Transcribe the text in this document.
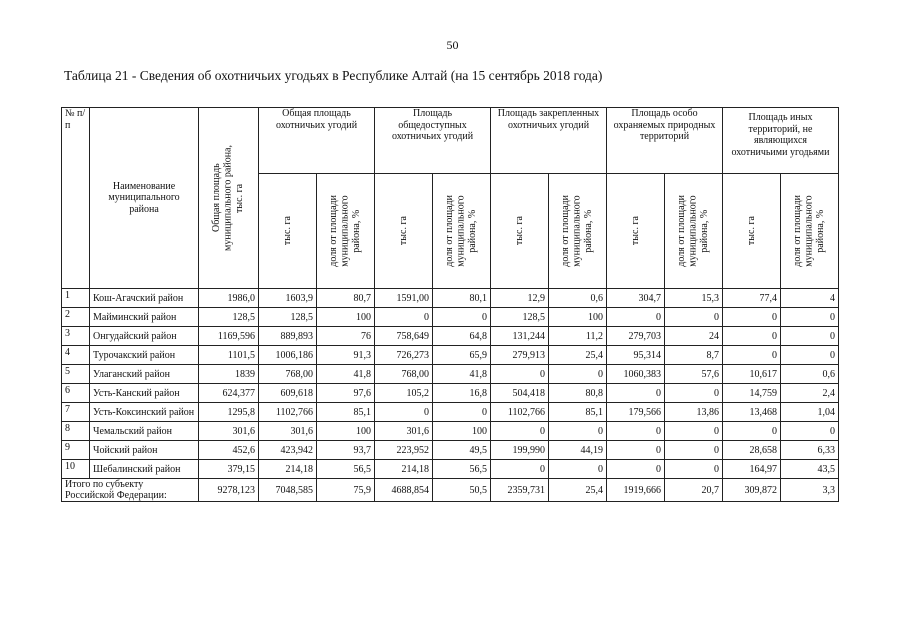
50
Таблица 21 - Сведения об охотничьих угодьях в Республике Алтай (на 15 сентябрь 2018 года)
№ п/п	Наименование муниципального района	Общая площадь
муниципального района,
тыс. га	Общая площадь охотничьих угодий		Площадь общедоступных охотничьих угодий		Площадь закрепленных охотничьих угодий		Площадь особо охраняемых природных территорий		Площадь иных территорий, не являющихся охотничьими угодьями	

			тыс. га	доля от площади
муниципального
района, %	тыс. га	доля от площади
муниципального
района, %	тыс. га	доля от площади
муниципального
района, %	тыс. га	доля от площади
муниципального
района, %	тыс. га	доля от площади
муниципального
района, %

1	Кош-Агачский район	1986,0	1603,9	80,7	1591,00	80,1	12,9	0,6	304,7	15,3	77,4	4
2	Майминский район	128,5	128,5	100	0	0	128,5	100	0	0	0	0
3	Онгудайский район	1169,596	889,893	76	758,649	64,8	131,244	11,2	279,703	24	0	0
4	Турочакский район	1101,5	1006,186	91,3	726,273	65,9	279,913	25,4	95,314	8,7	0	0
5	Улаганский район	1839	768,00	41,8	768,00	41,8	0	0	1060,383	57,6	10,617	0,6
6	Усть-Канский район	624,377	609,618	97,6	105,2	16,8	504,418	80,8	0	0	14,759	2,4
7	Усть-Коксинский район	1295,8	1102,766	85,1	0	0	1102,766	85,1	179,566	13,86	13,468	1,04
8	Чемальский район	301,6	301,6	100	301,6	100	0	0	0	0	0	0
9	Чойский район	452,6	423,942	93,7	223,952	49,5	199,990	44,19	0	0	28,658	6,33
10	Шебалинский район	379,15	214,18	56,5	214,18	56,5	0	0	0	0	164,97	43,5
Итого по субъекту Российской Федерации:		9278,123	7048,585	75,9	4688,854	50,5	2359,731	25,4	1919,666	20,7	309,872	3,3
